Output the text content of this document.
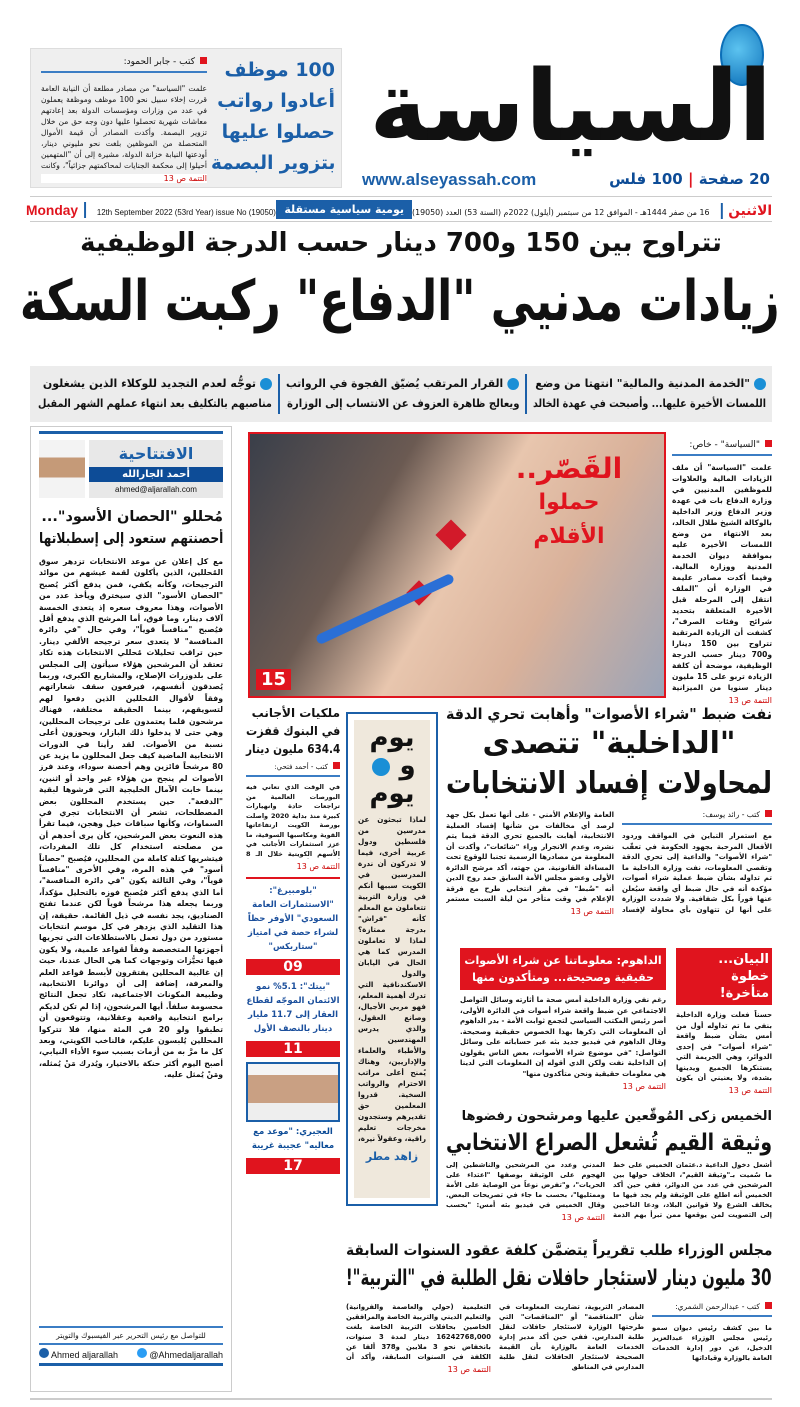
السياسة
20 صفحة | 100 فلس
www.alseyassah.com
100 موظف
أعادوا رواتب
حصلوا عليها
بتزوير البصمة
كتب - جابر الحمود:
علمت "السياسة" من مصادر مطلعة أن النيابة العامة قررت إخلاء سبيل نحو 100 موظف وموظفة يعملون في عدد من وزارات ومؤسسات الدولة بعد إعادتهم معاشات شهرية تحصلوا عليها دون وجه حق من خلال تزوير البصمة. وأكدت المصادر أن قيمة الأموال المتحصلة من الموظفين بلغت نحو مليوني دينار، أودعتها النيابة خزانة الدولة، مشيرة إلى أن "المتهمين أحيلوا إلى محكمة الجنايات لمحاكمتهم جزائياً"، وكانت
التتمة ص 13
الاثنين 16 من صفر 1444هـ - الموافق 12 من سبتمبر (أيلول) 2022م (السنة 53) العدد (19050)
يومية سياسية مستقلة
Monday 12th September 2022 (53rd Year) issue No (19050)
تتراوح بين 150 و700 دينار حسب الدرجة الوظيفية
زيادات مدنيي "الدفاع" ركبت السكة
"الخدمة المدنية والمالية" انتهتا من وضع
اللمسات الأخيرة عليها... وأصبحت في عهدة الخالد
القرار المرتقب يُضيّق الفجوة في الرواتب
ويعالج ظاهرة العزوف عن الانتساب إلى الوزارة
توجُّه لعدم التجديد للوكلاء الذين يشغلون
مناصبهم بالتكليف بعد انتهاء عملهم الشهر المقبل
"السياسة" - خاص:
علمت "السياسة" أن ملف الزيادات المالية والعلاوات للموظفين المدنيين في وزارة الدفاع بات في عهدة وزير الدفاع وزير الداخلية بالوكالة الشيخ طلال الخالد، بعد الانتهاء من وضع اللمسات الأخيرة عليه بموافقة ديوان الخدمة المدنية ووزارة المالية. وفيما أكدت مصادر عليمة في الوزارة أن "الملف انتقل إلى المرحلة قبل الأخيرة المتعلقة بتحديد شرائح وفئات الصرف"، كشفت أن الزيادة المرتقبة تتراوح بين 150 دينارا و700 دينار حسب الدرجة الوظيفية، موضحة أن كلفة الزيادة تربو على 15 مليون دينار سنويا من الميزانية
التتمة ص 13
القَصّر..
حملوا الأقلام
15
الافتتاحية
أحمد الجارالله
ahmed@aljarallah.com
مُحللو "الحصان الأسود"...
أحصنتهم ستعود إلى إسطبلاتها
مع كل إعلان عن موعد الانتخابات تزدهر سوق المُحللين، الذين يأكلون لقمة عيشهم من موائد الترجيحات، وكأنه يكفي، فمن يدفع أكثر يُصبح "الحصان الأسود" الذي سيخترق ويأخذ عدد من الأصوات، وهذا معروف سعره إذ يتعدى الخمسة آلاف دينار، وما فوق، أما المرشح الذي يدفع أقل فيُصبح "منافساً قوياً"، وفي حال "في دائرة المنافسة" لا يتعدى سعر ترجيحه الألفي دينار. حين تراقب تحليلات مُحللي الانتخابات هذه تكاد تعتقد أن المرشحين هؤلاء سيأتون إلى المجلس على بلدوزرات الإصلاح، والمشاريع الكبرى، وربما يُصدقون أنفسهم، فيرفعون سقف شعاراتهم وفقاً لأقوال المُحللين الذين دفعوا لهم لتسويقهم، بينما الحقيقة مختلفة، فهناك مرشحون قلما يعتمدون على ترجيحات المحللين، وهي حتى لا يدخلوا ذلك البازار، ويحوزون أعلى نسبة من الأصوات. لقد رأينا في الدورات الانتخابية الماضية كيف جعل المحللون ما يزيد عن 80 مرشحاً فائزين وهم أحصنة سوداء، وعند فرز الأصوات لم ينجح من هؤلاء غير واحد أو اثنين، بينما خابت الآمال الخليجية التي فرشوها لبقية "الدفعة". حين يستخدم المحللون بعض المصطلحات، تشعر أن الانتخابات تجري في السماوات، وكأنها سباقات خيل وهجن، فيما تقرأ هذه النعوت بعض المرشحين، كأن يرى أحدهم أن من مصلحته استخدام كل تلك المفردات، فيتشريها كتلة كاملة من المحللين، فيُصبح "حصاناً أسود" في هذه المرة، وفي الأخرى "منافساً قوياً"، وفي الثالثة يكون "في دائرة المنافسة"، أما الذي يدفع أكثر فيُصبح فوزه بالتحليل مؤكداً، وربما يجعله هذا مرشحاً قوياً لكن عندما تفتح الصناديق، يجد نفسه في ذيل القائمة. حقيقة، إن هذا التقليد الذي يزدهر في كل موسم انتخابات مستورد من دول تعمل بالاستطلاعات التي تجريها أجهزتها المتخصصة وفقاً لقواعد علمية، ولا يكون فيها تحيُّزات وتوجهات كما هي الحال عندنا، حيث إن غالبية المحللين يفتقرون لأبسط قواعد العلم والمعرفة، إضافة إلى أن دوائرنا الانتخابية، وطبيعة المكونات الاجتماعية، تكاد تجعل النتائج محسومة سلفاً. أيها المرشحون، إذا لم تكن لديكم برامج انتخابية واقعية وعقلانية، وتتوقعون أن تطبقوا ولو 20 في المئة منها، فلا تتركوا المحللين يُلبسون عليكم، فالناخب الكويتي، وبعد كل ما مرَّ به من أزمات بسبب سوء الأداء النيابي، أصبح اليوم أكثر حنكة بالاختيار، ويُدرك مَنْ يُمثله، ومَنْ يُمثل عليه.
للتواصل مع رئيس التحرير عبر الفيسبوك والتويتر
Ahmed aljarallah	@Ahmedaljarallah
ملكيات الأجانب
في البنوك قفزت
634.4 مليون دينار
كتب - أحمد فتحي:
في الوقت الذي تعاني فيه البورصات العالمية من تراجعات حادة وانهيارات كبيرة منذ بداية 2020 واصلت بورصة الكويت ارتفاعاتها القوية ومكاسبها السوقية، ما عزز استثمارات الأجانب في الأسهم الكويتية خلال الـ 8
التتمة ص 13
"بلومبيرغ": "الاستثمارات العامة السعودي" الأوفر حظاً لشراء حصة في امتياز "ستاربكس"
09
"بيتك": 5.1% نمو الائتمان الموجّه لقطاع العقار إلى 11.7 مليار دينار بالنصف الأول
11
العجيري: "موعد مع معاليه" عجيبة غريبة
17
يوم
و
يوم
لماذا تبحثون عن مدرسين من فلسطين ودول عربية أخرى، فيما لا تدركون أن ندرة المدرسين في الكويت سببها أنكم في وزارة التربية تتعاملون مع المعلم كأنه "فراش" بدرجة ممتازة؟ لماذا لا تعاملون المدرس كما هي الحال في اليابان والدول الاسكندنافية التي تدرك أهمية المعلم، فهو مربي الأجيال، وصانع العقول، والذي يدرس المهندسين والأطباء والعلماء والإداريين، وهناك يُمنح أعلى مراتب الاحترام والرواتب السخية. قدروا المعلمين حق تقديرهم وستجدون مخرجات تعليم راقية، وعقولاً نيرة،
زاهد مطر
نفت ضبط "شراء الأصوات" وأهابت تحري الدقة
"الداخلية" تتصدى
لمحاولات إفساد الانتخابات
كتب - رائد يوسف:
مع استمرار التباين في المواقف وردود الأفعال المرحبة بجهود الحكومة في تعقّب "شراء الأصوات" والداعية إلى تحري الدقة وتقصي المعلومات، نفت وزارة الداخلية ما تم تداوله بشأن ضبط عملية شراء أصوات، مؤكدة أنه في حال ضبط أي واقعة سيُعلن عنها فوراً بكل شفافية. ولا شددت الوزارة على أنها لن تتهاون بأي محاولة لإفساد
العامة والإعلام الأمني - على أنها تعمل بكل جهد لرصد أي مخالفات من شأنها إفساد العملية الانتخابية، أهابت بالجميع تحري الدقة فيما يتم نشره، وعدم الانجرار وراء "شائعات"، وأكدت أن المعلومة من مصادرها الرسمية تجنبا للوقوع تحت المساءلة القانونية. من جهته، أكد مرشح الدائرة الأولى وعضو مجلس الأمة السابق حمد روح الدين أنه "ضُبط" في مقر انتخابي طرح مع فرقة الإعلام في وقت متأخر من ليلة السبت مستمر
التتمة ص 13
البيان... خطوة متأخرة!
حسناً فعلت وزارة الداخلية بنفي ما تم تداوله أول من أمس بشأن ضبط واقعة "شراء أصوات" في إحدى الدوائر، وهي الجريمة التي يستنكرها الجميع ويدينها بشدة، ولا يعنيني أن يكون
التتمة ص 13
الداهوم: معلوماتنا عن شراء الأصوات
حقيقية وصحيحة... ومتأكدون منها
رغم نفي وزارة الداخلية أمس صحة ما أثارته وسائل التواصل الاجتماعي عن ضبط واقعة شراء أصوات في الدائرة الأولى، أصر رئيس المكتب السياسي لتجمع ثوابت الأمة - بدر الداهوم أن المعلومات التي ذكرها بهذا الخصوص حقيقية وصحيحة. وقال الداهوم في فيديو جديد بثه عبر حساباته على وسائل التواصل: "في موضوع شراء الأصوات، بعض الناس يقولون إن الداخلية نفت ولكن الذي أقوله إن المعلومات التي لدينا هي معلومات حقيقية ونحن متأكدون منها"
التتمة ص 13
الخميس زكى المُوقّعين عليها ومرشحون رفضوها
وثيقة القيم تُشعل الصراع الانتخابي
أشعل دخول الداعية د.عثمان الخميس على خط ما سُميت بـ"وثيقة القيم"، الخلاف حولها بين المرشحين في عدد من الدوائر، ففي حين أكد الخميس أنه اطلع على الوثيقة ولم يجد فيها ما يخالف الشرع ولا قوانين البلاد، ودعا الناخبين إلى التصويت لمن يوقعها ممن تبرأ بهم الذمة
المدني وعدد من المرشحين والناشطين إلى الهجوم على الوثيقة بوصفها "اعتداء على الحريات"، و"تفرض نوعاً من الوصاية على الأمة وممثليها"، بحسب ما جاء في تصريحات البعض. وقال الخميس في فيديو بثه أمس: "بحسب
التتمة ص 13
مجلس الوزراء طلب تقريراً يتضمَّن كلفة عقود السنوات السابقة
30 مليون دينار لاستئجار حافلات نقل الطلبة في "التربية"!
كتب - عبدالرحمن الشمري:
ما بين كشف رئيس ديوان سمو رئيس مجلس الوزراء عبدالعزيز الدخيل، عن دور إدارة الخدمات العامة بالوزارة وقياداتها
المصادر التربوية، تضاربت المعلومات في شأن "المناقصة" أو "المناقصات" التي طرحتها الوزارة لاستئجار حافلات لنقل طلبة المدارس. ففي حين أكد مدير إدارة الخدمات العامة بالوزارة بأن القيمة الصحيحة لاستئجار الحافلات لنقل طلبة المدارس في المناطق
التعليمية (حولي والعاصمة والفروانية) والتعليم الديني والتربية الخاصة والمرافقين الخاصين بحافلات التربية الخاصة بلغت 16242768,000 دينار لمدة 3 سنوات، بانخفاض نحو 3 ملايين و378 ألفا عن الكلفة في السنوات السابقة، وأكد أن
التتمة ص 13
